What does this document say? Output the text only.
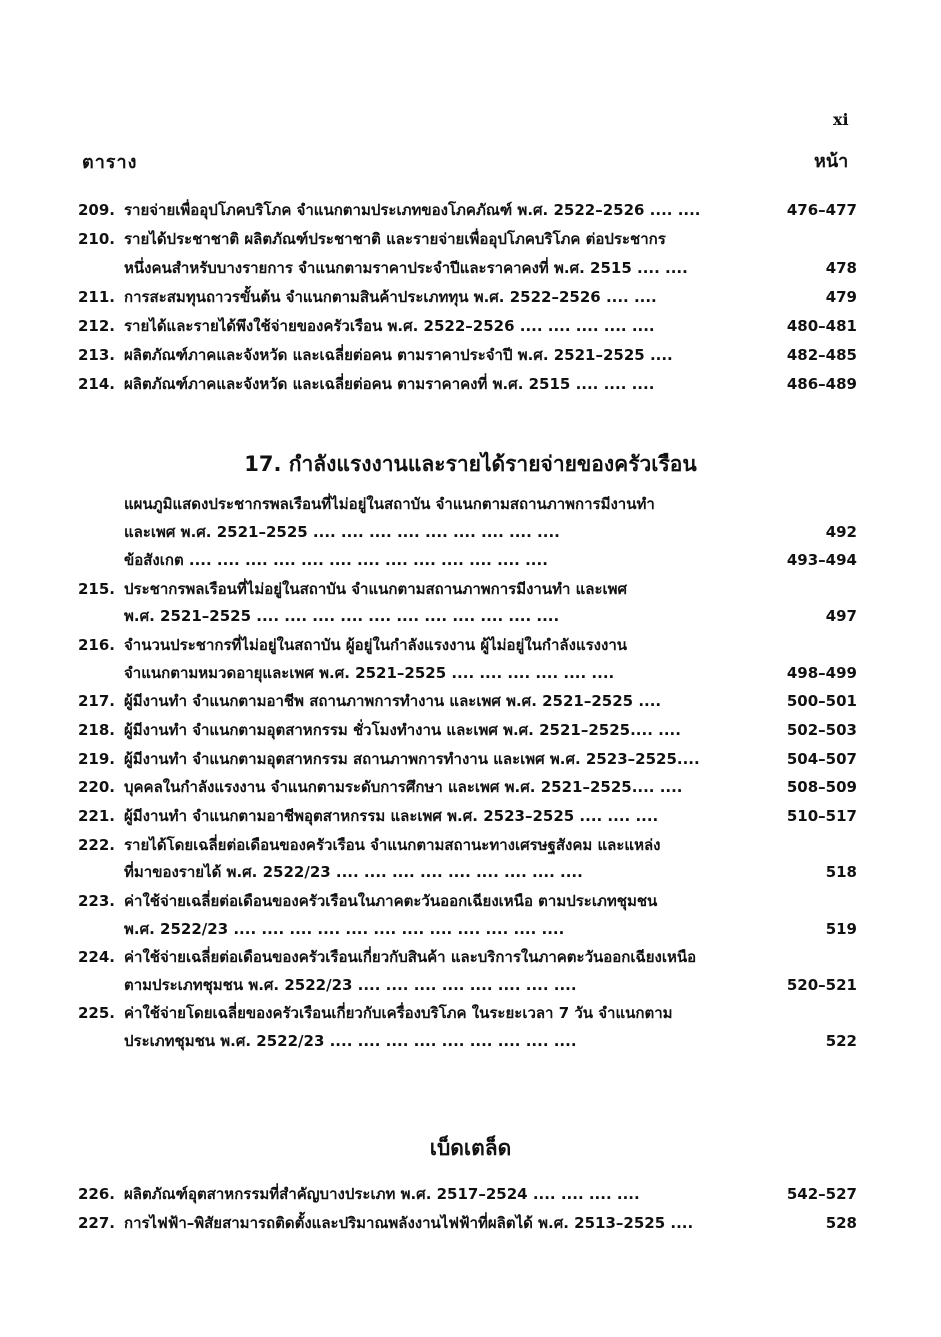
xi
ตาราง	หน้า
209. รายจ่ายเพื่ออุปโภคบริโภค จำแนกตามประเภทของโภคภัณฑ์ พ.ศ. 2522–2526 .... ....	476–477
210. รายได้ประชาชาติ ผลิตภัณฑ์ประชาชาติ และรายจ่ายเพื่ออุปโภคบริโภค ต่อประชากร
หนึ่งคนสำหรับบางรายการ จำแนกตามราคาประจำปีและราคาคงที่ พ.ศ. 2515 .... ....	478
211. การสะสมทุนถาวรขั้นต้น จำแนกตามสินค้าประเภททุน พ.ศ. 2522–2526 .... ....	479
212. รายได้และรายได้พึงใช้จ่ายของครัวเรือน พ.ศ. 2522–2526 .... .... .... .... ....	480–481
213. ผลิตภัณฑ์ภาคและจังหวัด และเฉลี่ยต่อคน ตามราคาประจำปี พ.ศ. 2521–2525 ....	482–485
214. ผลิตภัณฑ์ภาคและจังหวัด และเฉลี่ยต่อคน ตามราคาคงที่ พ.ศ. 2515 .... .... ....	486–489
17. กำลังแรงงานและรายได้รายจ่ายของครัวเรือน
แผนภูมิแสดงประชากรพลเรือนที่ไม่อยู่ในสถาบัน จำแนกตามสถานภาพการมีงานทำ
และเพศ พ.ศ. 2521–2525 .... .... .... .... .... .... .... .... ....	492
ข้อสังเกต .... .... .... .... .... .... .... .... .... .... .... .... ....	493–494
215. ประชากรพลเรือนที่ไม่อยู่ในสถาบัน จำแนกตามสถานภาพการมีงานทำ และเพศ
พ.ศ. 2521–2525 .... .... .... .... .... .... .... .... .... .... ....	497
216. จำนวนประชากรที่ไม่อยู่ในสถาบัน ผู้อยู่ในกำลังแรงงาน ผู้ไม่อยู่ในกำลังแรงงาน
จำแนกตามหมวดอายุและเพศ พ.ศ. 2521–2525 .... .... .... .... .... ....	498–499
217. ผู้มีงานทำ จำแนกตามอาชีพ สถานภาพการทำงาน และเพศ พ.ศ. 2521–2525 ....	500–501
218. ผู้มีงานทำ จำแนกตามอุตสาหกรรม ชั่วโมงทำงาน และเพศ พ.ศ. 2521–2525.... ....	502–503
219. ผู้มีงานทำ จำแนกตามอุตสาหกรรม สถานภาพการทำงาน และเพศ พ.ศ. 2523–2525....	504–507
220. บุคคลในกำลังแรงงาน จำแนกตามระดับการศึกษา และเพศ พ.ศ. 2521–2525.... ....	508–509
221. ผู้มีงานทำ จำแนกตามอาชีพอุตสาหกรรม และเพศ พ.ศ. 2523–2525 .... .... ....	510–517
222. รายได้โดยเฉลี่ยต่อเดือนของครัวเรือน จำแนกตามสถานะทางเศรษฐสังคม และแหล่ง
ที่มาของรายได้ พ.ศ. 2522/23 .... .... .... .... .... .... .... .... ....	518
223. ค่าใช้จ่ายเฉลี่ยต่อเดือนของครัวเรือนในภาคตะวันออกเฉียงเหนือ ตามประเภทชุมชน
พ.ศ. 2522/23 .... .... .... .... .... .... .... .... .... .... .... ....	519
224. ค่าใช้จ่ายเฉลี่ยต่อเดือนของครัวเรือนเกี่ยวกับสินค้า และบริการในภาคตะวันออกเฉียงเหนือ
ตามประเภทชุมชน พ.ศ. 2522/23 .... .... .... .... .... .... .... ....	520–521
225. ค่าใช้จ่ายโดยเฉลี่ยของครัวเรือนเกี่ยวกับเครื่องบริโภค ในระยะเวลา 7 วัน จำแนกตาม
ประเภทชุมชน พ.ศ. 2522/23 .... .... .... .... .... .... .... .... ....	522
เบ็ดเตล็ด
226. ผลิตภัณฑ์อุตสาหกรรมที่สำคัญบางประเภท พ.ศ. 2517–2524 .... .... .... ....	542–527
227. การไฟฟ้า–พิสัยสามารถติดตั้งและปริมาณพลังงานไฟฟ้าที่ผลิตได้ พ.ศ. 2513–2525 ....	528
